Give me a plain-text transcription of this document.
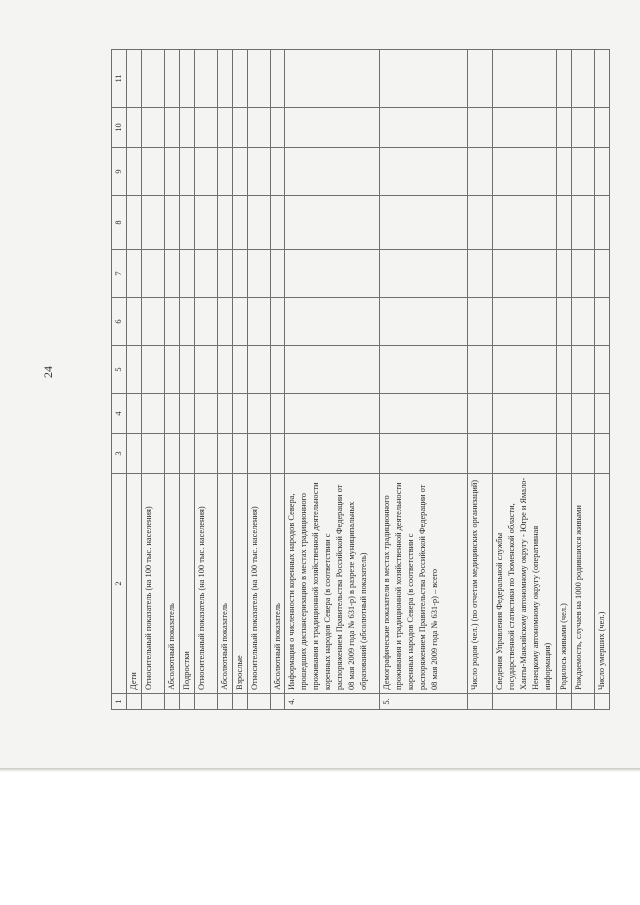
24
1	2	3	4	5	6	7	8	9	10	11
	Дети									
	Относительный показатель (на 100 тыс. населения)									
	Абсолютный показатель									
	Подростки									
	Относительный показатель (на 100 тыс. населения)									
	Абсолютный показатель									
	Взрослые									
	Относительный показатель (на 100 тыс. населения)									
	Абсолютный показатель									
4.	Информация о численности коренных народов Севера, прошедших диспансеризацию в местах традиционного проживания и традиционной хозяйственной деятельности коренных народов Севера (в соответствии с распоряжением Правительства Российской Федерации от 08 мая 2009 года № 631-р) в разрезе муниципальных образований (абсолютный показатель)									
5.	Демографические показатели в местах традиционного проживания и традиционной хозяйственной деятельности коренных народов Севера (в соответствии с распоряжением Правительства Российской Федерации от 08 мая 2009 года № 631-р) – всего									
	Число родов (чел.) (по отчетам медицинских организаций)									
	Сведения Управления Федеральной службы государственной статистики по Тюменской области, Ханты-Мансийскому автономному округу - Югре и Ямало-Ненецкому автономному округу (оперативная информация)									
	Родилось живыми (чел.)									
	Рождаемость, случаев на 1000 родившихся живыми									
	Число умерших (чел.)									
